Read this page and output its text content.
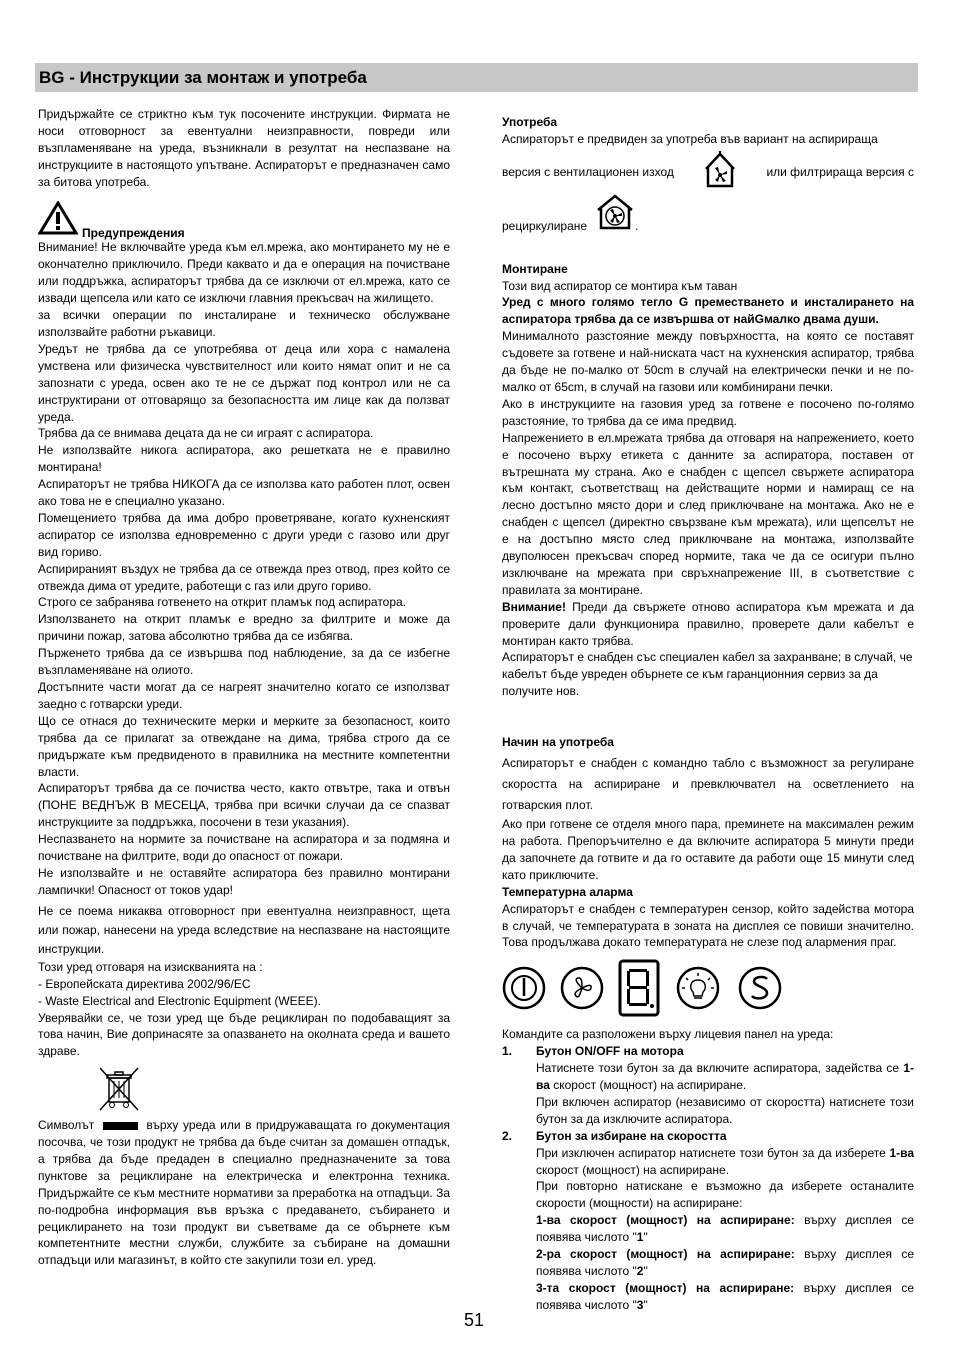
BG - Инструкции за монтаж и употреба

Придържайте се стриктно към тук посочените инструкции. Фирмата не носи отговорност за евентуални неизправности, повреди или възпламеняване на уреда, възникнали в резултат на неспазване на инструкциите в настоящото упътване. Аспираторът е предназначен само за битова употреба.

Предупреждения

Внимание! Не включвайте уреда към ел.мрежа, ако монтирането му не е окончателно приключило. Преди каквато и да е операция на почистване или поддръжка, аспираторът трябва да се изключи от ел.мрежа, като се извади щепсела или като се изключи главния прекъсвач на жилището.

за всички операции по инсталиране и техническо обслужване използвайте работни ръкавици.

Уредът не трябва да се употребява от деца или хора с намалена умствена или физическа чувствителност или които нямат опит и не са запознати с уреда, освен ако те не се държат под контрол или не са инструктирани от отговарящо за безопасността им лице как да ползват уреда.

Трябва да се внимава децата да не си играят с аспиратора.

Не използвайте никога аспиратора, ако решетката не е правилно монтирана!

Аспираторът не трябва НИКОГА да се използва като работен плот, освен ако това не е специално указано.

Помещението трябва да има добро проветряване, когато кухненският аспиратор се използва едновременно с други уреди с газово или друг вид гориво.

Аспирираният въздух не трябва да се отвежда през отвод, през който се отвежда дима от уредите, работещи с газ или друго гориво.

Строго се забранява готвенето на открит пламък под аспиратора.

Използването на открит пламък е вредно за филтрите и може да причини пожар, затова абсолютно трябва да се избягва.

Пърженето трябва да се извършва под наблюдение, за да се избегне възпламеняване на олиото.

Достъпните части могат да се нагреят значително когато се използват заедно с готварски уреди.

Що се отнася до техническите мерки и мерките за безопасност, които трябва да се прилагат за отвеждане на дима, трябва строго да се придържате към предвиденото в правилника на местните компетентни власти.

Аспираторът трябва да се почиства често, както отвътре, така и отвън (ПОНЕ ВЕДНЪЖ В МЕСЕЦА, трябва при всички случаи да се спазват инструкциите за поддръжка, посочени в тези указания).

Неспазването на нормите за почистване на аспиратора и за подмяна и почистване на филтрите, води до опасност от пожари.

Не използвайте и не оставяйте аспиратора без правилно монтирани лампички! Опасност от токов удар!

Не се поема никаква отговорност при евентуална неизправност, щета или пожар, нанесени на уреда вследствие на неспазване на настоящите инструкции.

Този уред отговаря на изискванията на :

- Европейската директива 2002/96/ЕС

- Waste Electrical and Electronic Equipment (WEEE).

Уверявайки се, че този уред ще бъде рециклиран по подобаващият за това начин, Вие допринасяте за опазването на околната среда и вашето здраве.

Символът	върху уреда или в придружаващата го документация посочва, че този продукт не трябва да бъде считан за домашен отпадък, а трябва да бъде предаден в специално предназначените за това пунктове за рециклиране на електрическа и електронна техника. Придържайте се към местните нормативи за преработка на отпадъци. За по-подробна информация във връзка с предаването, събирането и рециклирането на този продукт ви съветваме да се обърнете към компетентните местни служби, службите за събиране на домашни отпадъци или магазинът, в който сте закупили този ел. уред.

Употреба

Аспираторът е предвиден за употреба във вариант на аспирираща

версия с вентилационен изход	или филтрираща версия с
рециркулиране	.

Монтиране

Този вид аспиратор се монтира към таван

Уред с много голямо тегло G преместването и инсталирането на аспиратора трябва да се извършва от найGмалко двама души.

Минималното разстояние между повърхността, на която се поставят съдовете за готвене и най-ниската част на кухненския аспиратор, трябва да бъде не по-малко от 50cm в случай на електрически печки и не по-малко от 65cm, в случай на газови или комбинирани печки.

Ако в инструкциите на газовия уред за готвене е посочено по-голямо разстояние, то трябва да се има предвид.

Напрежението в ел.мрежата трябва да отговаря на напрежението, което е посочено върху етикета с данните за аспиратора, поставен от вътрешната му страна. Ако е снабден с щепсел свържете аспиратора към контакт, съответстващ на действащите норми и намиращ се на лесно достъпно място дори и след приключване на монтажа. Ако не е снабден с щепсел (директно свързване към мрежата), или щепселът не е на достъпно място след приключване на монтажа, използвайте двуполюсен прекъсвач според нормите, така че да се осигури пълно изключване на мрежата при свръхнапрежение III, в съответствие с правилата за монтиране.

Внимание! Преди да свържете отново аспиратора към мрежата и да проверите дали функционира правилно, проверете дали кабелът е монтиран както трябва.

Аспираторът е снабден със специален кабел за захранване; в случай, че кабелът бъде увреден обърнете се към гаранционния сервиз за да получите нов.

Начин на употреба

Аспираторът е снабден с командно табло с възможност за регулиране скоростта на аспириране и превключвател на осветлението на готварския плот.

Ако при готвене се отделя много пара, преминете на максимален режим на работа. Препоръчително е да включите аспиратора 5 минути преди да започнете да готвите и да го оставите да работи още 15 минути след като приключите.

Температурна аларма

Аспираторът е снабден с температурен сензор, който задейства мотора в случай, че температурата в зоната на дисплея се повиши значително. Това продължава докато температурата не слезе под алармения праг.

Командите са разположени върху лицевия панел на уреда:

1.	Бутон ON/OFF на мотора

Натиснете този бутон за да включите аспиратора, задейства се 1-ва скорост (мощност) на аспириране.

При включен аспиратор (независимо от скоростта) натиснете този бутон за да изключите аспиратора.

2.	Бутон за избиране на скоростта

При изключен аспиратор натиснете този бутон за да изберете 1-ва скорост (мощност) на аспириране.

При повторно натискане е възможно да изберете останалите скорости (мощности) на аспириране:

1-ва скорост (мощност) на аспириране: върху дисплея се появява числото "1"

2-ра скорост (мощност) на аспириране: върху дисплея се появява числото "2"

3-та скорост (мощност) на аспириране: върху дисплея се появява числото "3"

51
